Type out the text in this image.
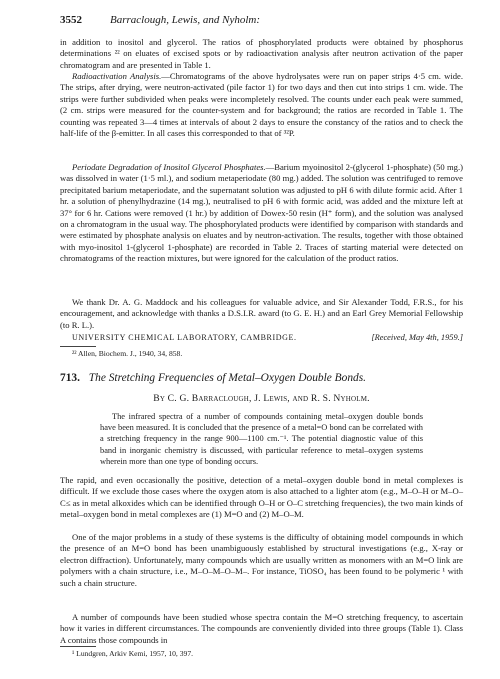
3552	Barraclough, Lewis, and Nyholm:

in addition to inositol and glycerol. The ratios of phosphorylated products were obtained by phosphorus determinations ²² on eluates of excised spots or by radioactivation analysis after neutron activation of the paper chromatogram and are presented in Table 1.

Radioactivation Analysis.—Chromatograms of the above hydrolysates were run on paper strips 4·5 cm. wide. The strips, after drying, were neutron-activated (pile factor 1) for two days and then cut into strips 1 cm. wide. The strips were further subdivided when peaks were incompletely resolved. The counts under each peak were summed, (2 cm. strips were measured for the counter-system and for background; the ratios are recorded in Table 1. The counting was repeated 3—4 times at intervals of about 2 days to ensure the constancy of the ratios and to check the half-life of the β-emitter. In all cases this corresponded to that of ³²P.

Periodate Degradation of Inositol Glycerol Phosphates.—Barium myoinositol 2-(glycerol 1-phosphate) (50 mg.) was dissolved in water (1·5 ml.), and sodium metaperiodate (80 mg.) added. The solution was centrifuged to remove precipitated barium metaperiodate, and the supernatant solution was adjusted to pH 6 with dilute formic acid. After 1 hr. a solution of phenylhydrazine (14 mg.), neutralised to pH 6 with formic acid, was added and the mixture left at 37° for 6 hr. Cations were removed (1 hr.) by addition of Dowex-50 resin (H⁺ form), and the solution was analysed on a chromatogram in the usual way. The phosphorylated products were identified by comparison with standards and were estimated by phosphate analysis on eluates and by neutron-activation. The results, together with those obtained with myo-inositol 1-(glycerol 1-phosphate) are recorded in Table 2. Traces of starting material were detected on chromatograms of the reaction mixtures, but were ignored for the calculation of the product ratios.

We thank Dr. A. G. Maddock and his colleagues for valuable advice, and Sir Alexander Todd, F.R.S., for his encouragement, and acknowledge with thanks a D.S.I.R. award (to G. E. H.) and an Earl Grey Memorial Fellowship (to R. L.).

UNIVERSITY CHEMICAL LABORATORY, CAMBRIDGE.	[Received, May 4th, 1959.]

²² Allen, Biochem. J., 1940, 34, 858.

713. The Stretching Frequencies of Metal–Oxygen Double Bonds.
By C. G. Barraclough, J. Lewis, and R. S. Nyholm.

The infrared spectra of a number of compounds containing metal–oxygen double bonds have been measured. It is concluded that the presence of a metal=O bond can be correlated with a stretching frequency in the range 900—1100 cm.⁻¹. The potential diagnostic value of this band in inorganic chemistry is discussed, with particular reference to metal–oxygen systems wherein more than one type of bonding occurs.

The rapid, and even occasionally the positive, detection of a metal–oxygen double bond in metal complexes is difficult. If we exclude those cases where the oxygen atom is also attached to a lighter atom (e.g., M–O–H or M–O–C≤ as in metal alkoxides which can be identified through O–H or O–C stretching frequencies), the two main kinds of metal–oxygen bond in metal complexes are (1) M=O and (2) M–O–M.

One of the major problems in a study of these systems is the difficulty of obtaining model compounds in which the presence of an M=O bond has been unambiguously established by structural investigations (e.g., X-ray or electron diffraction). Unfortunately, many compounds which are usually written as monomers with an M=O link are polymers with a chain structure, i.e., M–O–M–O–M–. For instance, TiOSO₄ has been found to be polymeric ¹ with such a chain structure.

A number of compounds have been studied whose spectra contain the M=O stretching frequency, to ascertain how it varies in different circumstances. The compounds are conveniently divided into three groups (Table 1). Class A contains those compounds in

¹ Lundgren, Arkiv Kemi, 1957, 10, 397.
